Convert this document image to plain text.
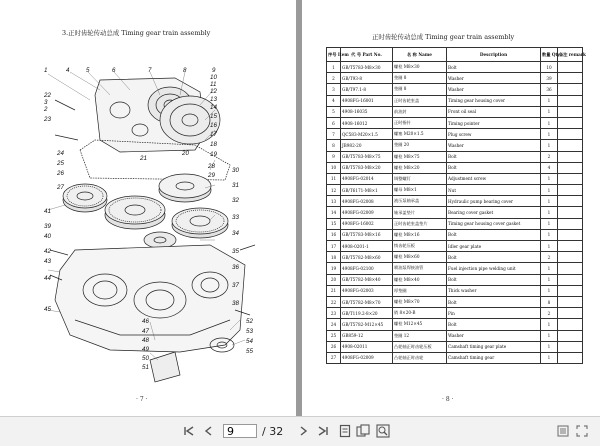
3.正时齿轮传动总成 Timing gear train assembly
1	4	5	6	7	8	9
10
11
12
13
14
15
16
17
18
19
20
21
22
3
2
23
24
25
26
27
28
29
30
31
32
33
34
35
36
37
38
39
40
41
42
43
44
45
46
47
48
49
50
51
52
53
54
55
· 7 ·
正时齿轮传动总成 Timing gear train assembly
序号 Item	代 号 Part No.	名 称 Name	Description	数量 Qty	备注 remark
1	GB/T5783-M8×30	螺栓 M8×30	Bolt	10	
2	GB/T93-8	垫圈 8	Washer	39	
3	GB/T97.1-8	垫圈 8	Washer	36	
4	4908FG-16001	正时齿轮室盖	Timing gear housing cover	1	
5	4908-16035	前油封	Front oil seal	1	
6	4908-16012	正时指针	Timing pointer	1	
7	QC583-M20×1.5	螺塞 M20×1.5	Plug screw	1	
8	JB982-20	垫圈 20	Washer	1	
9	GB/T5783-M8×75	螺栓 M8×75	Bolt	2	
10	GB/T5783-M8×20	螺栓 M8×20	Bolt	4	
11	4908FG-02014	调整螺钉	Adjustment screw	1	
12	GB/T6171-M8×1	螺母 M8×1	Nut	1	
13	4908FG-02008	液压泵轴承盖	Hydraulic pump bearing cover	1	
14	4908FG-02009	轴承盖垫片	Bearing cover gasket	1	
15	4908FG-16002	正时齿轮室盖垫片	Timing gear housing cover gasket	1	
16	GB/T5783-M8×16	螺栓 M8×16	Bolt	1	
17	4908-0201-1	惰齿轮压板	Idler gear plate	1	
18	GB/T5782-M8×60	螺栓 M8×60	Bolt	2	
19	4908FG-02100	喷油泵焊接油管	Fuel injection pipe welding unit	1	
20	GB/T5782-M8×40	螺栓 M8×40	Bolt	1	
21	4908FG-02003	厚垫圈	Thick washer	1	
22	GB/T5782-M8×70	螺栓 M8×70	Bolt	8	
23	GB/T119.2-8×20	销 8×20-B	Pin	2	
24	GB/T5782-M12×45	螺栓 M12×45	Bolt	1	
25	GB859-12	垫圈 12	Washer	1	
26	4908-02011	凸轮轴正时齿轮压板	Camshaft timing gear plate	1	
27	4908FG-02009	凸轮轴正时齿轮	Camshaft timing gear	1	
· 8 ·
9
/ 32
